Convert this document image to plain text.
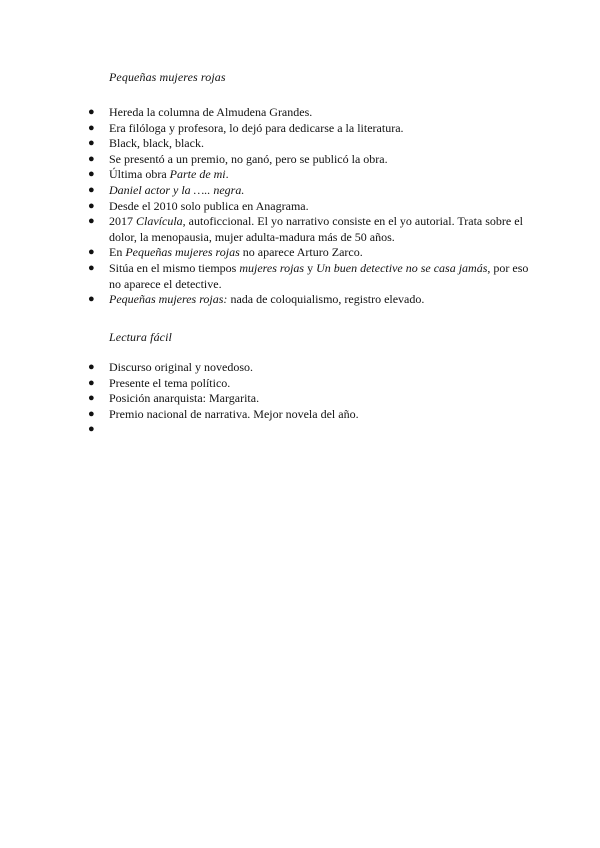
Pequeñas mujeres rojas
● Hereda la columna de Almudena Grandes.
● Era filóloga y profesora, lo dejó para dedicarse a la literatura.
● Black, black, black.
● Se presentó a un premio, no ganó, pero se publicó la obra.
● Última obra Parte de mi.
● Daniel actor y la ….. negra.
● Desde el 2010 solo publica en Anagrama.
● 2017 Clavícula, autoficcional. El yo narrativo consiste en el yo autorial. Trata sobre el dolor, la menopausia, mujer adulta-madura más de 50 años.
● En Pequeñas mujeres rojas no aparece Arturo Zarco.
● Sitúa en el mismo tiempos mujeres rojas y Un buen detective no se casa jamás, por eso no aparece el detective.
● Pequeñas mujeres rojas: nada de coloquialismo, registro elevado.
Lectura fácil
● Discurso original y novedoso.
● Presente el tema político.
● Posición anarquista: Margarita.
● Premio nacional de narrativa. Mejor novela del año.
●
